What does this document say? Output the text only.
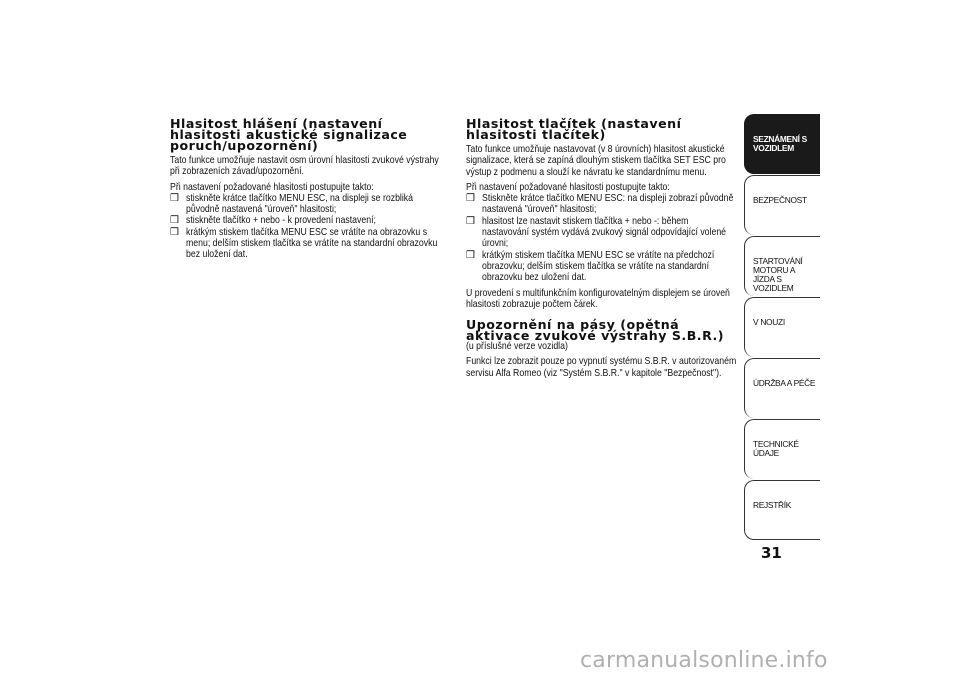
Hlasitost hlášení (nastavení hlasitosti akustické signalizace poruch/upozornění)

Tato funkce umožňuje nastavit osm úrovní hlasitosti zvukové výstrahy při zobrazeních závad/upozornění.

Při nastavení požadované hlasitosti postupujte takto:

❒ stiskněte krátce tlačítko MENU ESC, na displeji se rozbliká původně nastavená "úroveň" hlasitosti;
❒ stiskněte tlačítko + nebo - k provedení nastavení;
❒ krátkým stiskem tlačítka MENU ESC se vrátíte na obrazovku s menu; delším stiskem tlačítka se vrátíte na standardní obrazovku bez uložení dat.
Hlasitost tlačítek (nastavení hlasitosti tlačítek)

Tato funkce umožňuje nastavovat (v 8 úrovních) hlasitost akustické signalizace, která se zapíná dlouhým stiskem tlačítka SET ESC pro výstup z podmenu a slouží ke návratu ke standardnímu menu.

Při nastavení požadované hlasitosti postupujte takto:

❒ Stiskněte krátce tlačítko MENU ESC: na displeji zobrazí původně nastavená "úroveň" hlasitosti;
❒ hlasitost lze nastavit stiskem tlačítka + nebo -: během nastavování systém vydává zvukový signál odpovídající volené úrovni;
❒ krátkým stiskem tlačítka MENU ESC se vrátíte na předchozí obrazovku; delším stiskem tlačítka se vrátíte na standardní obrazovku bez uložení dat.

U provedení s multifunkčním konfigurovatelným displejem se úroveň hlasitosti zobrazuje počtem čárek.

Upozornění na pásy (opětná aktivace zvukové výstrahy S.B.R.)

(u příslušné verze vozidla)

Funkci lze zobrazit pouze po vypnutí systému S.B.R. v autorizovaném servisu Alfa Romeo (viz "Systém S.B.R." v kapitole "Bezpečnost").

SEZNÁMENÍ S VOZIDLEM
BEZPEČNOST
STARTOVÁNÍ MOTORU A JÍZDA S VOZIDLEM
V NOUZI
ÚDRŽBA A PÉČE
TECHNICKÉ ÚDAJE
REJSTŘÍK
31
carmanualsonline.info
